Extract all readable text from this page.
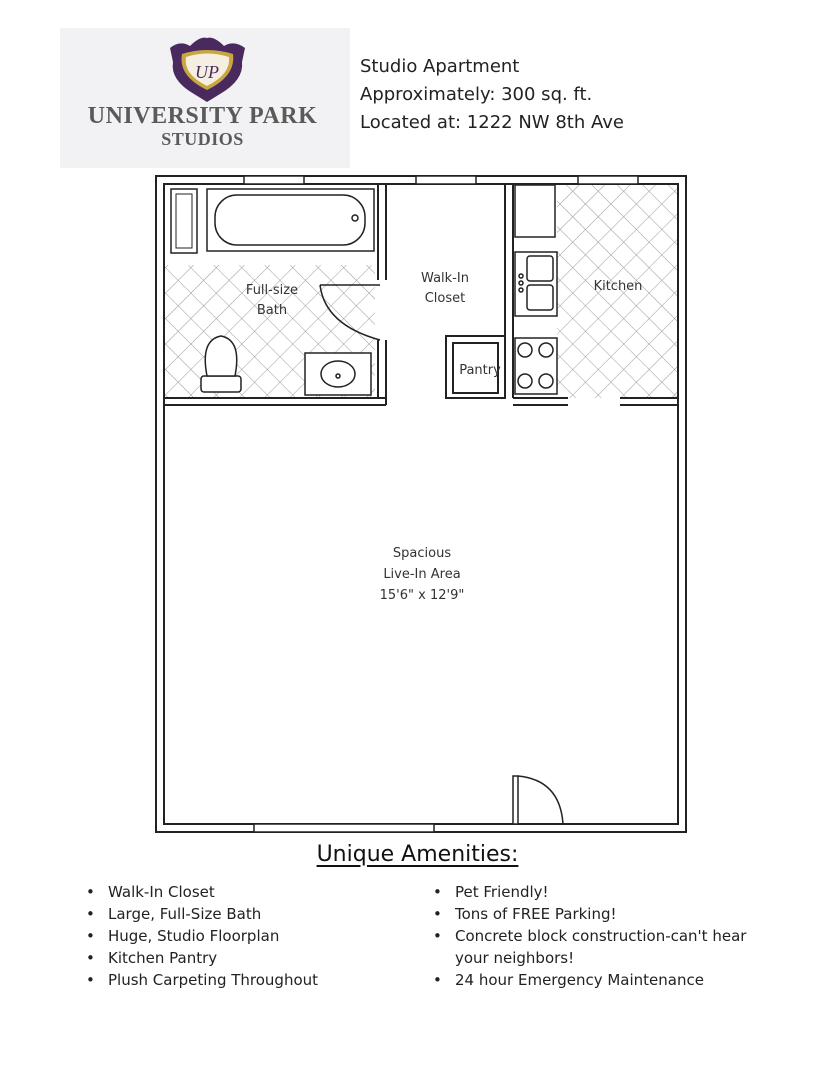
UP
UNIVERSITY PARK
STUDIOS
Studio Apartment
Approximately: 300 sq. ft.
Located at: 1222 NW 8th Ave
Full-size
Bath
Walk-In
Closet
Kitchen
Pantry
Spacious
Live-In Area
15'6" x 12'9"
Unique Amenities:
• Walk-In Closet
• Large, Full-Size Bath
• Huge, Studio Floorplan
• Kitchen Pantry
• Plush Carpeting Throughout
• Pet Friendly!
• Tons of FREE Parking!
• Concrete block construction-can't hear your neighbors!
• 24 hour Emergency Maintenance
